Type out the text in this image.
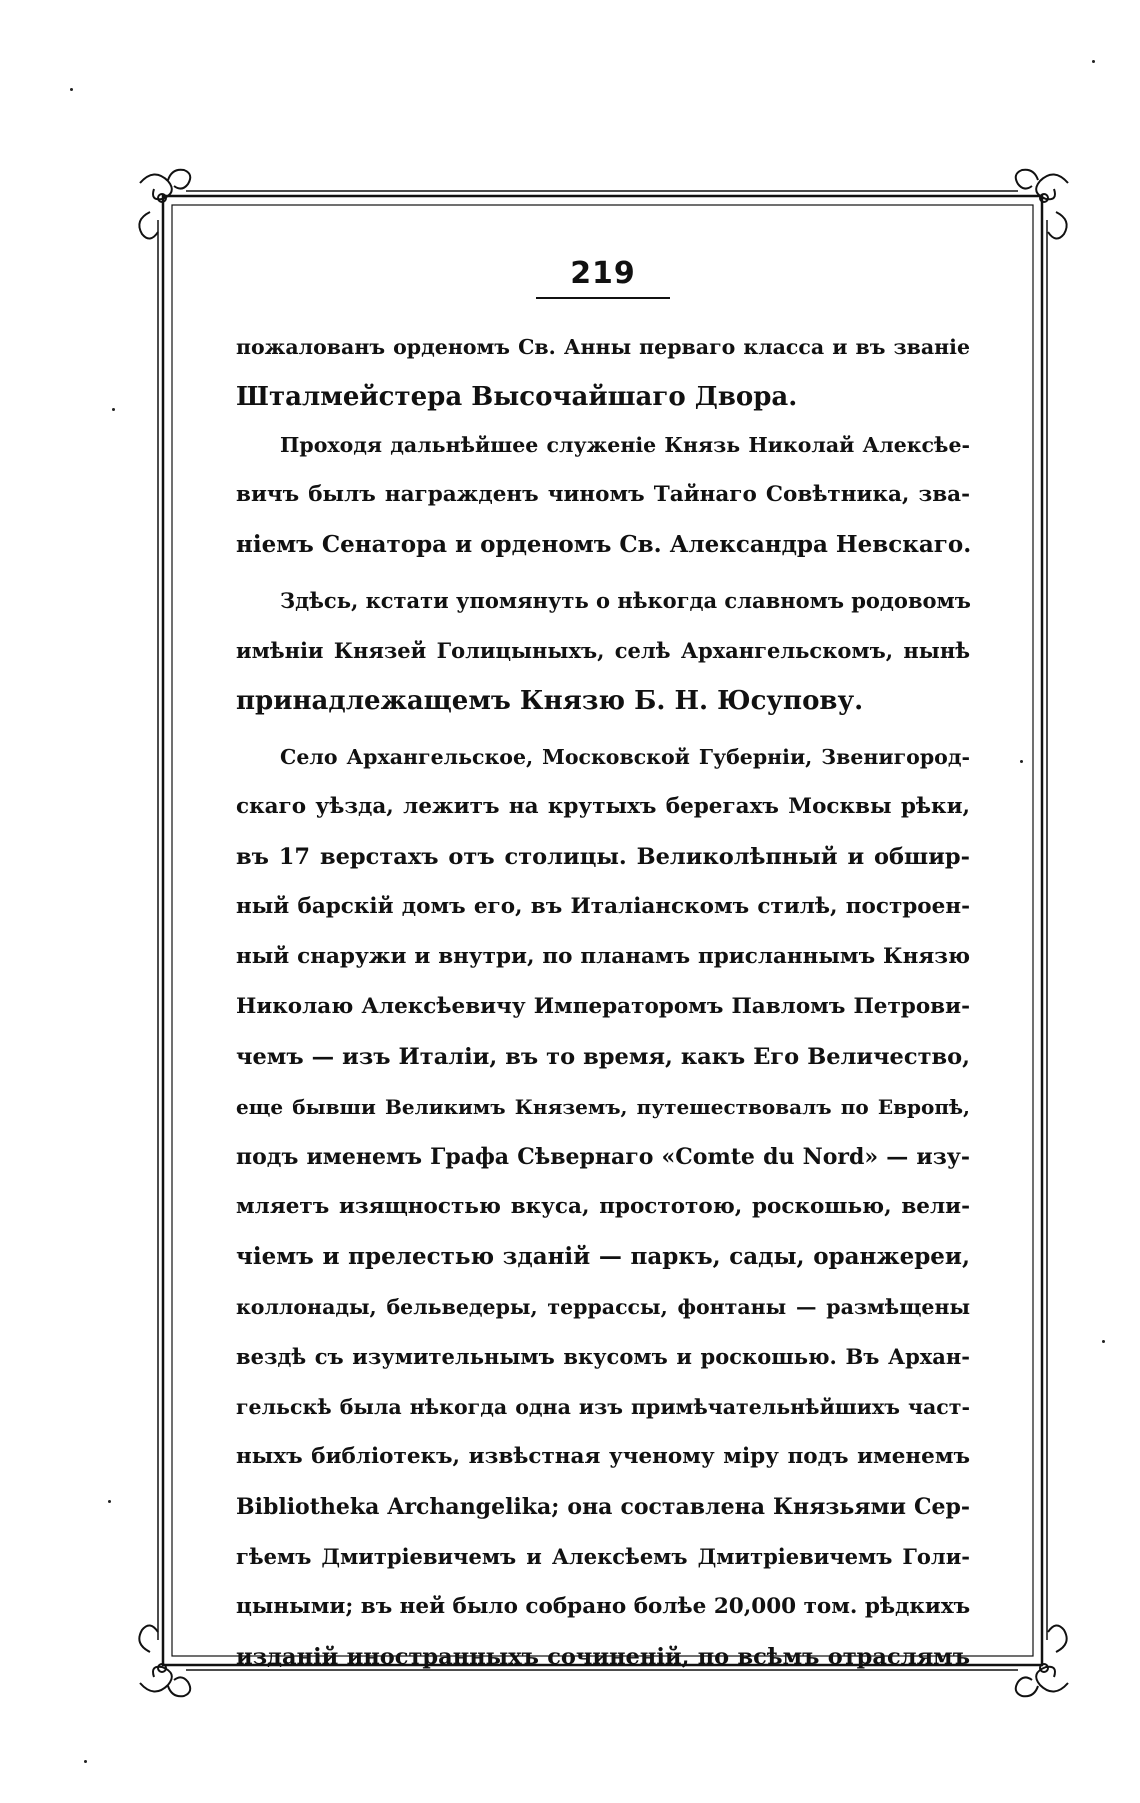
219
пожалованъ орденомъ Св. Анны перваго класса и въ званіе
Шталмейстера Высочайшаго Двора.
Проходя дальнѣйшее служеніе Князь Николай Алексѣе-
вичъ былъ награжденъ чиномъ Тайнаго Совѣтника, зва-
ніемъ Сенатора и орденомъ Св. Александра Невскаго.
Здѣсь, кстати упомянуть о нѣкогда славномъ родовомъ
имѣніи Князей Голицыныхъ, селѣ Архангельскомъ, нынѣ
принадлежащемъ Князю Б. Н. Юсупову.
Село Архангельское, Московской Губерніи, Звенигород-
скаго уѣзда, лежитъ на крутыхъ берегахъ Москвы рѣки,
въ 17 верстахъ отъ столицы. Великолѣпный и обшир-
ный барскій домъ его, въ Италіанскомъ стилѣ, построен-
ный снаружи и внутри, по планамъ присланнымъ Князю
Николаю Алексѣевичу Императоромъ Павломъ Петрови-
чемъ — изъ Италіи, въ то время, какъ Его Величество,
еще бывши Великимъ Княземъ, путешествовалъ по Европѣ,
подъ именемъ Графа Сѣвернаго «Comte du Nord» — изу-
мляетъ изящностью вкуса, простотою, роскошью, вели-
чіемъ и прелестью зданій — паркъ, сады, оранжереи,
коллонады, бельведеры, террассы, фонтаны — размѣщены
вездѣ съ изумительнымъ вкусомъ и роскошью. Въ Архан-
гельскѣ была нѣкогда одна изъ примѣчательнѣйшихъ част-
ныхъ библіотекъ, извѣстная ученому міру подъ именемъ
Bibliotheka Archangelika; она составлена Князьями Сер-
гѣемъ Дмитріевичемъ и Алексѣемъ Дмитріевичемъ Голи-
цыными; въ ней было собрано болѣе 20,000 том. рѣдкихъ
изданій иностранныхъ сочиненій, по всѣмъ отраслямъ
